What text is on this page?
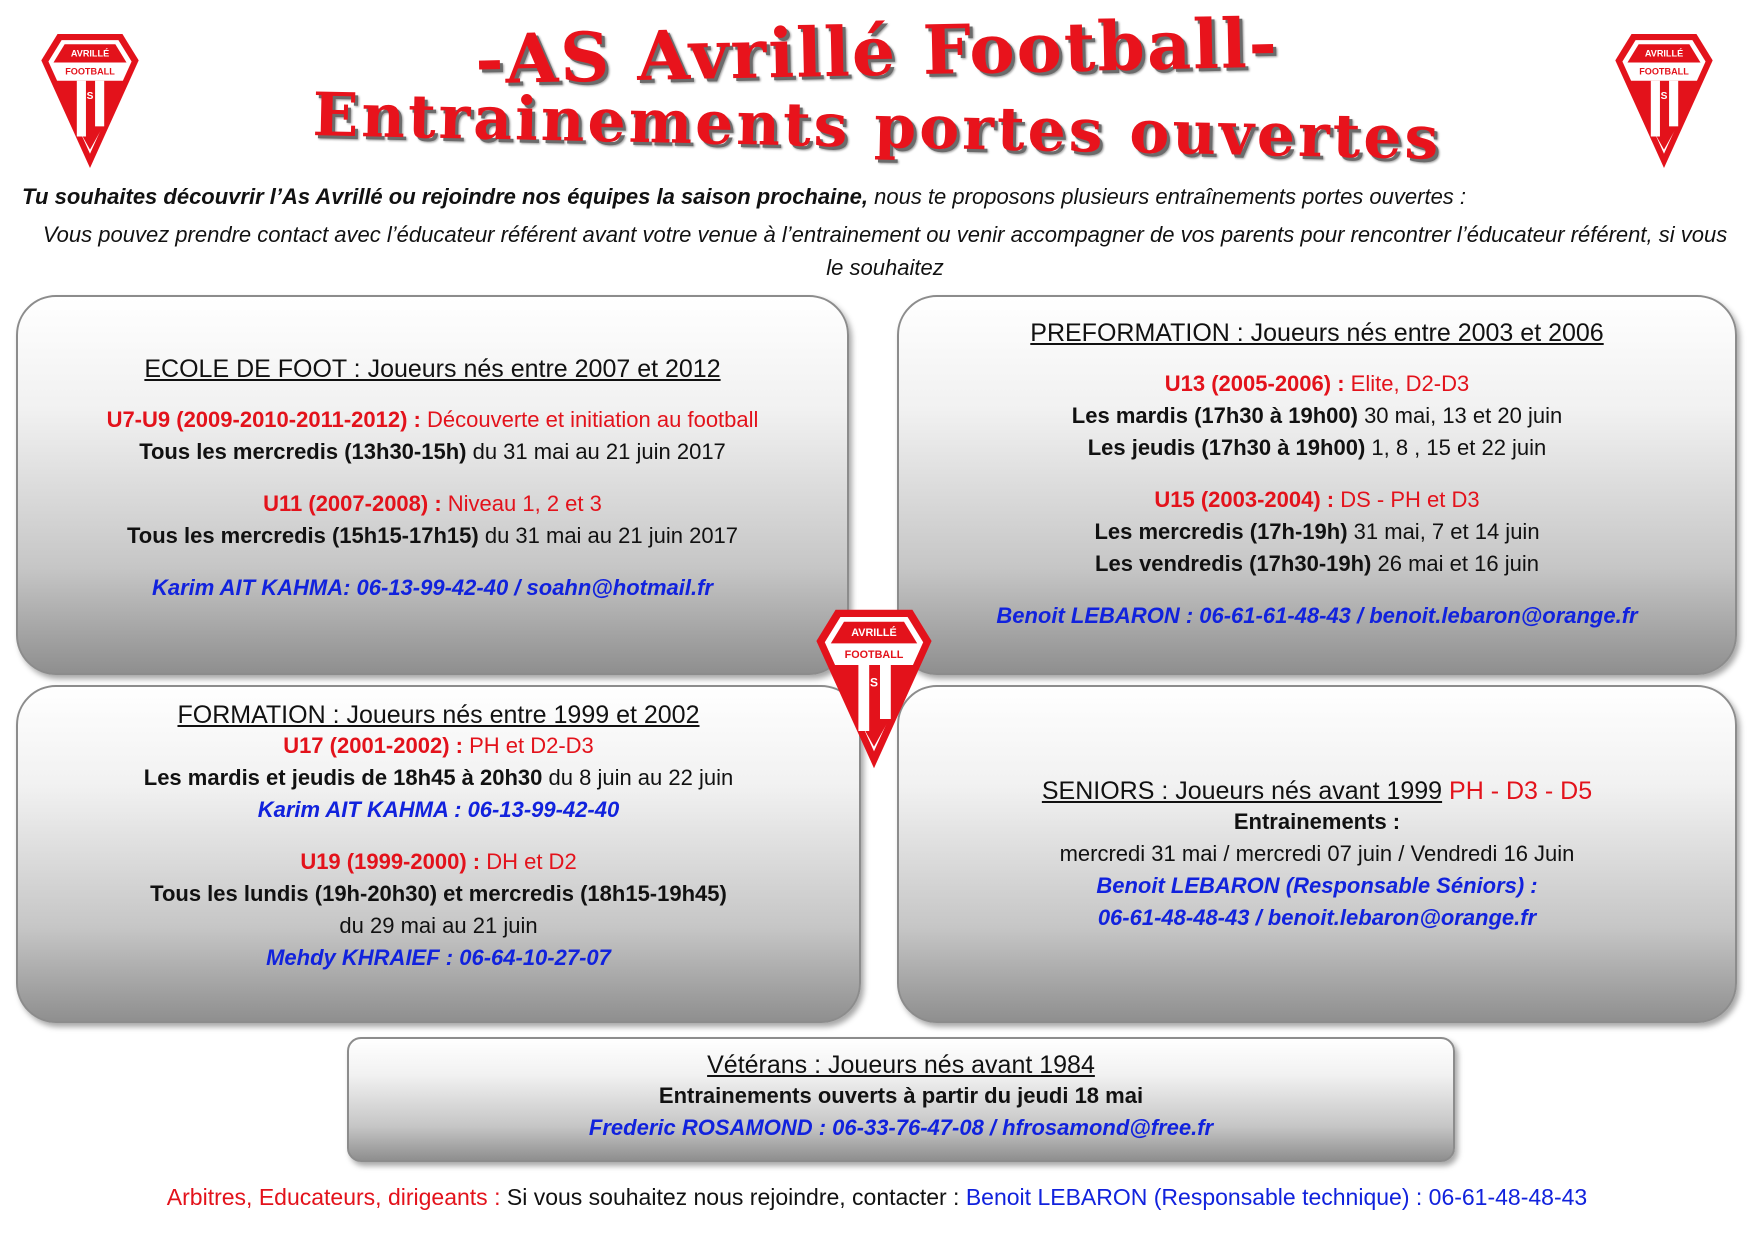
AVRILLÉ
FOOTBALL
A S A
AVRILLÉ
FOOTBALL
A S A
-AS Avrillé Football-
Entrainements portes ouvertes
Tu souhaites découvrir l’As Avrillé ou rejoindre nos équipes la saison prochaine, nous te proposons plusieurs entraînements portes ouvertes :
Vous pouvez prendre contact avec l’éducateur référent avant votre venue à l’entrainement ou venir accompagner de vos parents pour rencontrer l’éducateur référent, si vous le souhaitez
ECOLE DE FOOT : Joueurs nés entre 2007 et 2012
U7-U9 (2009-2010-2011-2012) : Découverte et initiation au football
Tous les mercredis (13h30-15h) du 31 mai au 21 juin 2017
U11 (2007-2008) : Niveau 1, 2 et 3
Tous les mercredis (15h15-17h15) du 31 mai au 21 juin 2017
Karim AIT KAHMA: 06-13-99-42-40 / soahn@hotmail.fr
PREFORMATION : Joueurs nés entre 2003 et 2006
U13 (2005-2006) : Elite, D2-D3
Les mardis (17h30 à 19h00) 30 mai, 13 et 20 juin
Les jeudis (17h30 à 19h00) 1, 8 , 15 et 22 juin
U15 (2003-2004) : DS - PH et D3
Les mercredis (17h-19h) 31 mai, 7 et 14 juin
Les vendredis (17h30-19h) 26 mai et 16 juin
Benoit LEBARON : 06-61-61-48-43 / benoit.lebaron@orange.fr
FORMATION : Joueurs nés entre 1999 et 2002
U17 (2001-2002) : PH et D2-D3
Les mardis et jeudis de 18h45 à 20h30 du 8 juin au 22 juin
Karim AIT KAHMA : 06-13-99-42-40
U19 (1999-2000) : DH et D2
Tous les lundis (19h-20h30) et mercredis (18h15-19h45)
du 29 mai au 21 juin
Mehdy KHRAIEF : 06-64-10-27-07
SENIORS : Joueurs nés avant 1999 PH - D3 - D5
Entrainements :
mercredi 31 mai / mercredi 07 juin / Vendredi 16 Juin
Benoit LEBARON (Responsable Séniors) :
06-61-48-48-43 / benoit.lebaron@orange.fr
AVRILLÉ
FOOTBALL
A S A
Vétérans : Joueurs nés avant 1984
Entrainements ouverts à partir du jeudi 18 mai
Frederic ROSAMOND : 06-33-76-47-08 / hfrosamond@free.fr
Arbitres, Educateurs, dirigeants : Si vous souhaitez nous rejoindre, contacter : Benoit LEBARON (Responsable technique) : 06-61-48-48-43
